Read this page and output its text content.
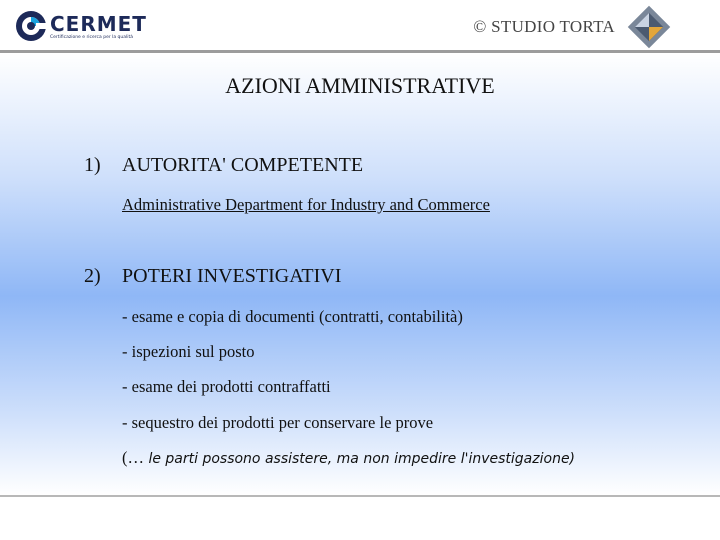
CERMET
Certificazione e ricerca per la qualità
© STUDIO TORTA
AZIONI AMMINISTRATIVE
1) AUTORITA' COMPETENTE
Administrative Department for Industry and Commerce
2) POTERI INVESTIGATIVI
- esame e copia di documenti (contratti, contabilità)
- ispezioni sul posto
- esame dei prodotti contraffatti
- sequestro dei prodotti per conservare le prove
(… le parti possono assistere, ma non impedire l'investigazione)
